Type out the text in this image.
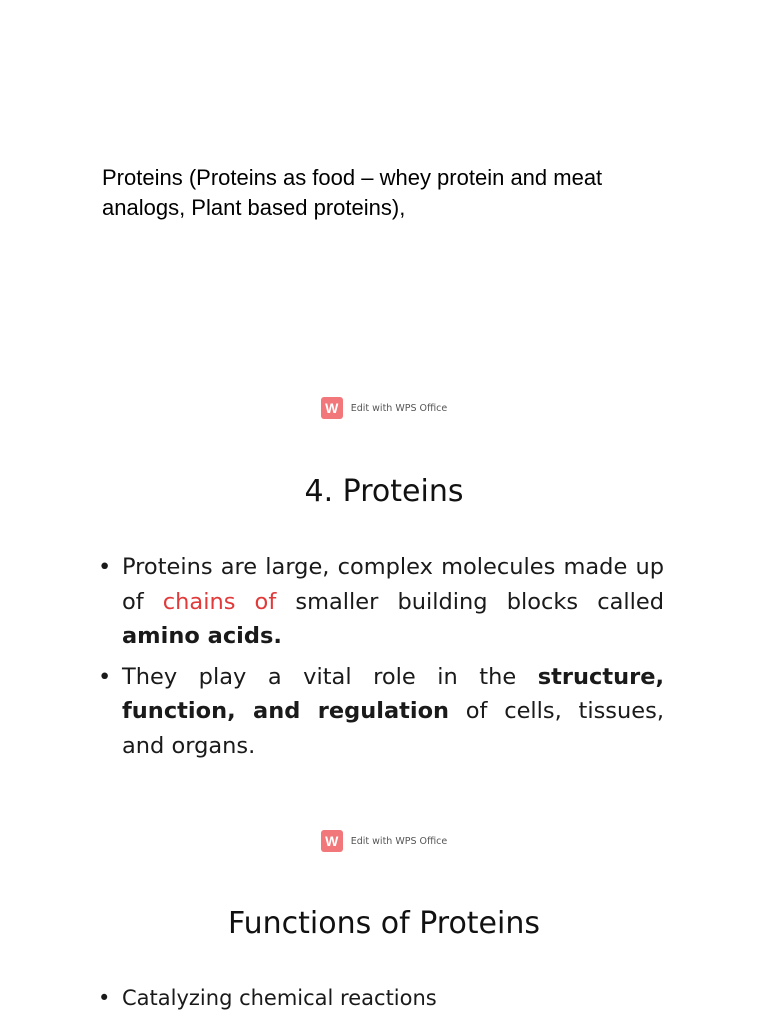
Proteins (Proteins as food – whey protein and meat analogs, Plant based proteins),

W	Edit with WPS Office
4. Proteins
• Proteins are large, complex molecules made up of chains of smaller building blocks called amino acids.
• They play a vital role in the structure, function, and regulation of cells, tissues, and organs.
W	Edit with WPS Office
Functions of Proteins
• Catalyzing chemical reactions
